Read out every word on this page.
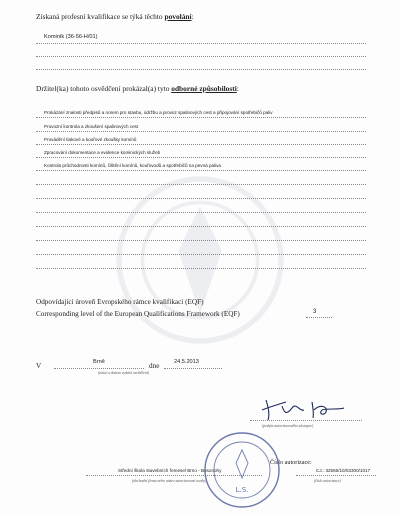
Získaná profesní kvalifikace se týká těchto povolání:
Kominík (36-56-H/01)
Držitel(ka) tohoto osvědčení prokázal(a) tyto odborné způsobilosti:
Prokázání znalosti předpisů a norem pro stavbu, údržbu a provoz spalinových cest a připojování spotřebičů paliv
Provozní kontrola a zkoušení spalinových cest
Provádění tlakové a kouřové zkoušky komínů
Zpracování dokumentace a evidence kominických služeb
Kontrola průchodnosti komínů, čištění komínů, kouřovodů a spotřebičů na pevná paliva
Odpovídající úroveň Evropského rámce kvalifikací (EQF)
Corresponding level of the European Qualifications Framework (EQF)	3
V	Brně	dne	24.5.2013
(místo a datum vydání osvědčení)
(podpis autorizovaného zástupce)
Střední škola stavebních řemesel Brno - Bosonohy
(obchodní firma nebo název autorizované osoby)
Číslo autorizace:
CJ.: 32555/10/03300/1017
(číslo autorizace)
L.S.
